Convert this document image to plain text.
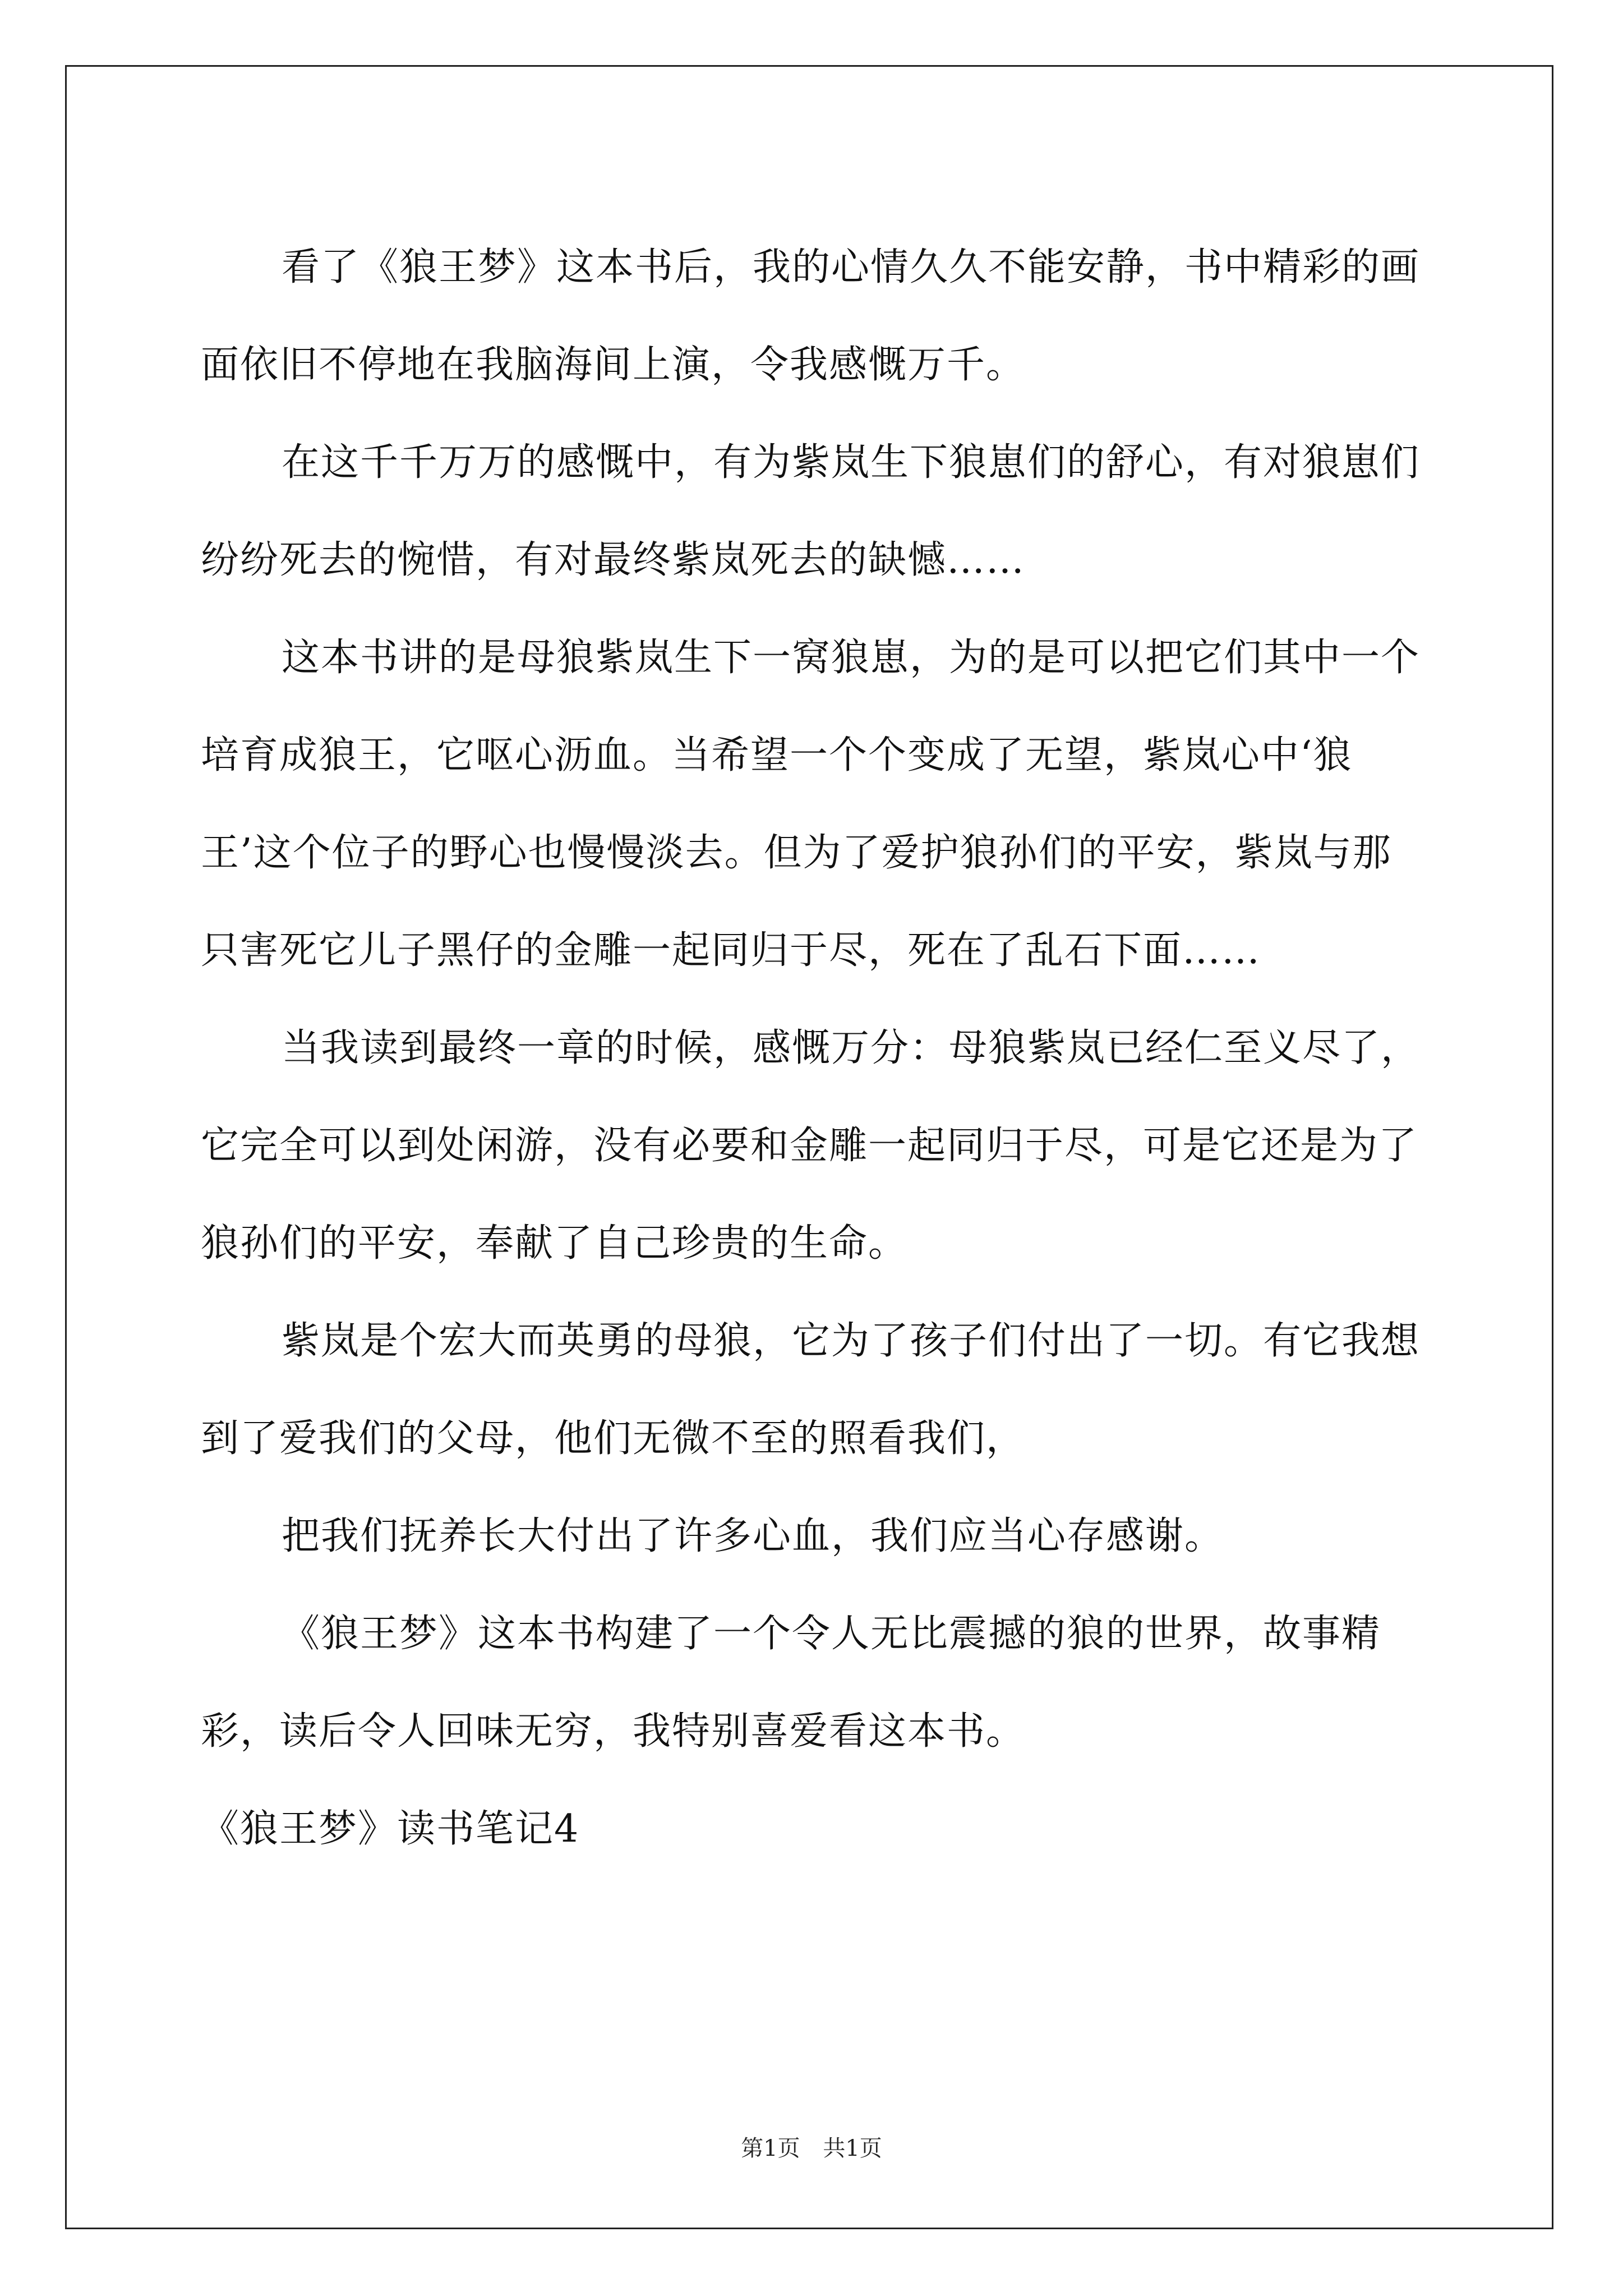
看了《狼王梦》这本书后，我的心情久久不能安静，书中精彩的画面依旧不停地在我脑海间上演，令我感慨万千。

在这千千万万的感慨中，有为紫岚生下狼崽们的舒心，有对狼崽们纷纷死去的惋惜，有对最终紫岚死去的缺憾……

这本书讲的是母狼紫岚生下一窝狼崽，为的是可以把它们其中一个培育成狼王，它呕心沥血。当希望一个个变成了无望，紫岚心中‘狼王’这个位子的野心也慢慢淡去。但为了爱护狼孙们的平安，紫岚与那只害死它儿子黑仔的金雕一起同归于尽，死在了乱石下面……

当我读到最终一章的时候，感慨万分：母狼紫岚已经仁至义尽了，它完全可以到处闲游，没有必要和金雕一起同归于尽，可是它还是为了狼孙们的平安，奉献了自己珍贵的生命。

紫岚是个宏大而英勇的母狼，它为了孩子们付出了一切。有它我想到了爱我们的父母，他们无微不至的照看我们，

把我们抚养长大付出了许多心血，我们应当心存感谢。

《狼王梦》这本书构建了一个令人无比震撼的狼的世界，故事精彩，读后令人回味无穷，我特别喜爱看这本书。

《狼王梦》读书笔记4

第1页 共1页
